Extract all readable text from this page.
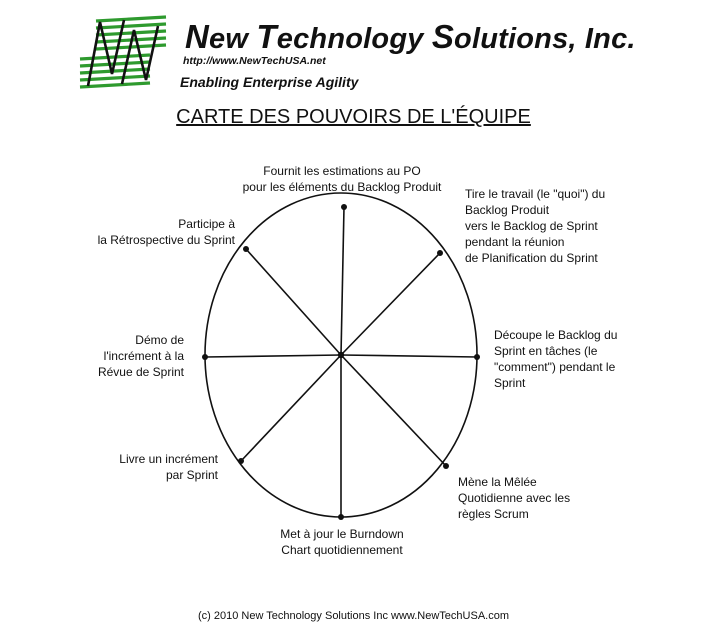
New Technology Solutions, Inc.
http://www.NewTechUSA.net
Enabling Enterprise Agility
CARTE DES POUVOIRS DE L'ÉQUIPE
Fournit les estimations au PO
pour les éléments du Backlog Produit	Tire le travail (le "quoi") du
Backlog Produit
vers le Backlog de Sprint
pendant la réunion
de Planification du Sprint
Découpe le Backlog du
Sprint en tâches (le
"comment") pendant le
Sprint
Mène la Mêlée
Quotidienne avec les
règles Scrum
Met à jour le Burndown
Chart quotidiennement
Livre un incrément
par Sprint
Démo de
l'incrément à la
Révue de Sprint
Participe à
la Rétrospective du Sprint
(c) 2010 New Technology Solutions Inc www.NewTechUSA.com
